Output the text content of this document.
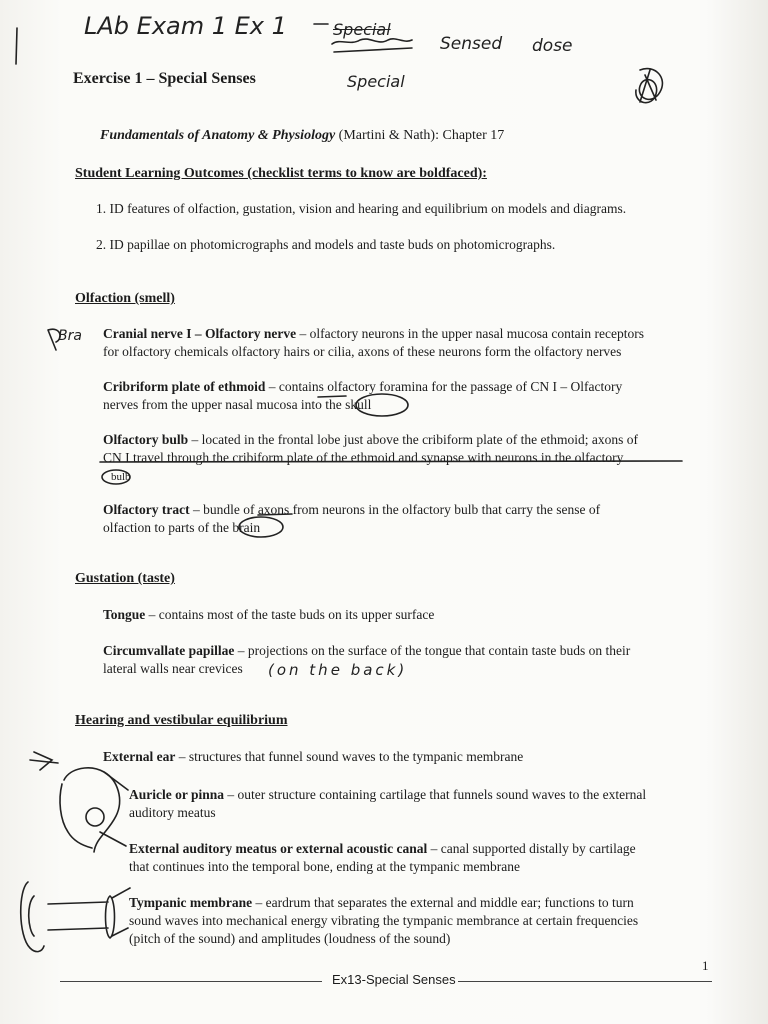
LAb Exam 1 Ex 1	Special
Sensed dose
Special
Bra
(on the back)
Exercise 1 – Special Senses
Fundamentals of Anatomy & Physiology (Martini & Nath): Chapter 17
Student Learning Outcomes (checklist terms to know are boldfaced):
1. ID features of olfaction, gustation, vision and hearing and equilibrium on models and diagrams.
2. ID papillae on photomicrographs and models and taste buds on photomicrographs.
Olfaction (smell)
Cranial nerve I – Olfactory nerve – olfactory neurons in the upper nasal mucosa contain receptors
for olfactory chemicals olfactory hairs or cilia, axons of these neurons form the olfactory nerves
Cribriform plate of ethmoid – contains olfactory foramina for the passage of CN I – Olfactory
nerves from the upper nasal mucosa into the skull
Olfactory bulb – located in the frontal lobe just above the cribiform plate of the ethmoid; axons of
CN I travel through the cribiform plate of the ethmoid and synapse with neurons in the olfactory
bulb
Olfactory tract – bundle of axons from neurons in the olfactory bulb that carry the sense of
olfaction to parts of the brain
Gustation (taste)
Tongue – contains most of the taste buds on its upper surface
Circumvallate papillae – projections on the surface of the tongue that contain taste buds on their
lateral walls near crevices
Hearing and vestibular equilibrium
External ear – structures that funnel sound waves to the tympanic membrane
Auricle or pinna – outer structure containing cartilage that funnels sound waves to the external
auditory meatus
External auditory meatus or external acoustic canal – canal supported distally by cartilage
that continues into the temporal bone, ending at the tympanic membrane
Tympanic membrane – eardrum that separates the external and middle ear; functions to turn
sound waves into mechanical energy vibrating the tympanic membrance at certain frequencies
(pitch of the sound) and amplitudes (loudness of the sound)
1
Ex13-Special Senses
